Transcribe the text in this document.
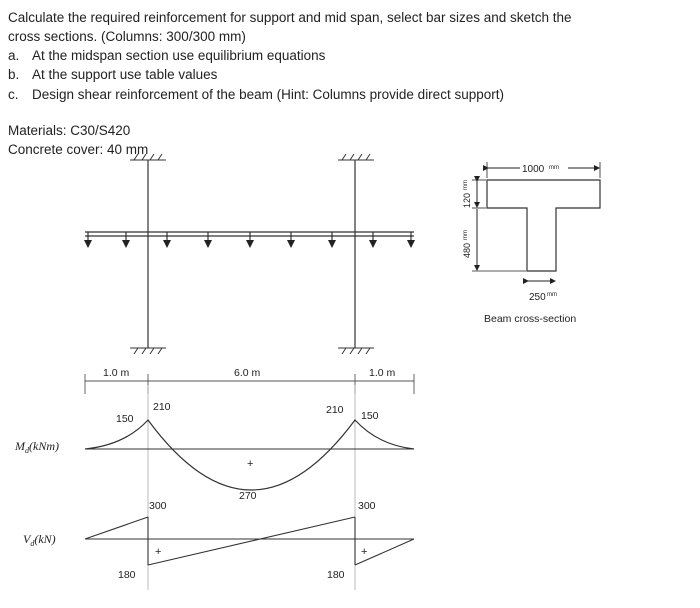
Calculate the required reinforcement for support and mid span, select bar sizes and sketch the
cross sections. (Columns: 300/300 mm)
a. At the midspan section use equilibrium equations
b. At the support use table values
c. Design shear reinforcement of the beam (Hint: Columns provide direct support)
Materials: C30/S420
Concrete cover: 40 mm
1000 mm
120
mm
480
mm
250 mm
Beam cross-section
1.0 m	6.0 m	1.0 m
$M_d(kNm)$
150
210	210 150
270
+
$V_d(kN)$
300
180
300
180
+	+
